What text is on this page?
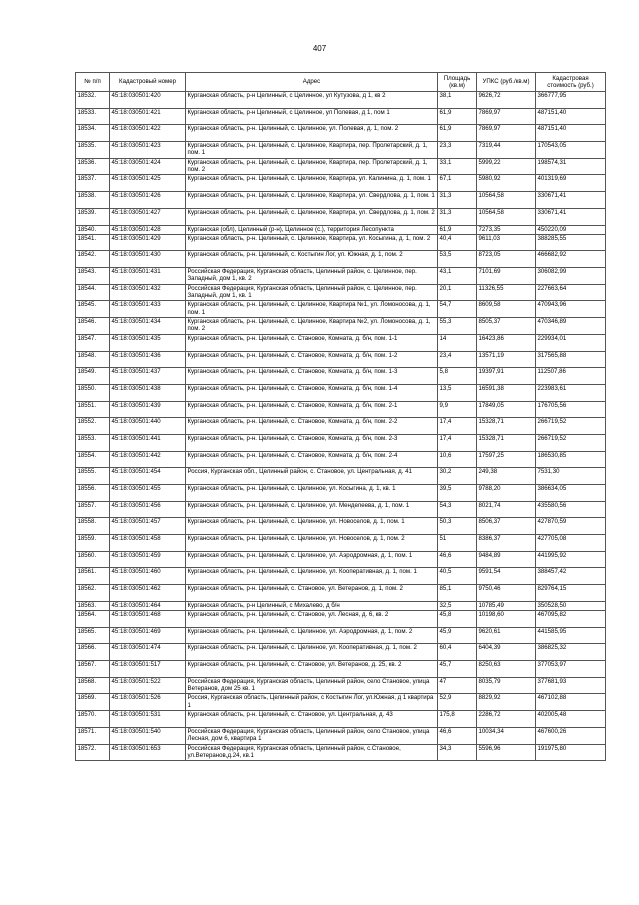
407
№ п/п	Кадастровый номер	Адрес	Площадь (кв.м)	УПКС (руб./кв.м)	Кадастровая стоимость (руб.)
18532.	45:18:030501:420	Курганская область, р-н Целинный, с Целинное, ул Кутузова, д 1, кв 2	38,1	9626,72	366777,95
18533.	45:18:030501:421	Курганская область, р-н Целинный, с Целинное, ул Полевая, д 1, пом 1	61,9	7869,97	487151,40
18534.	45:18:030501:422	Курганская область, р-н. Целинный, с. Целинное, ул. Полевая, д. 1, пом. 2	61,9	7869,97	487151,40
18535.	45:18:030501:423	Курганская область, р-н. Целинный, с. Целинное, Квартира, пер. Пролетарский, д. 1, пом. 1	23,3	7319,44	170543,05
18536.	45:18:030501:424	Курганская область, р-н. Целинный, с. Целинное, Квартира, пер. Пролетарский, д. 1, пом. 2	33,1	5999,22	198574,31
18537.	45:18:030501:425	Курганская область, р-н. Целинный, с. Целинное, Квартира, ул. Калинина, д. 1, пом. 1	67,1	5980,92	401319,69
18538.	45:18:030501:426	Курганская область, р-н. Целинный, с. Целинное, Квартира, ул. Свердлова, д. 1, пом. 1	31,3	10564,58	330671,41
18539.	45:18:030501:427	Курганская область, р-н. Целинный, с. Целинное, Квартира, ул. Свердлова, д. 1, пом. 2	31,3	10564,58	330671,41
18540.	45:18:030501:428	Курганская (обл), Целинный (р-н), Целинное (с.), территория Лесопункта	61,9	7273,35	450220,09
18541.	45:18:030501:429	Курганская область, р-н. Целинный, с. Целинное, Квартира, ул. Косыгина, д. 1, пом. 2	40,4	9611,03	388285,55
18542.	45:18:030501:430	Курганская область, р-н. Целинный, с. Костыгин Лог, ул. Южная, д. 1, пом. 2	53,5	8723,05	466682,92
18543.	45:18:030501:431	Российская Федерация, Курганская область, Целинный район, с. Целинное, пер. Западный, дом 1, кв. 2	43,1	7101,69	306082,99
18544.	45:18:030501:432	Российская Федерация, Курганская область, Целинный район, с. Целинное, пер. Западный, дом 1, кв. 1	20,1	11326,55	227663,64
18545.	45:18:030501:433	Курганская область, р-н. Целинный, с. Целинное, Квартира №1, ул. Ломоносова, д. 1, пом. 1	54,7	8609,58	470943,96
18546.	45:18:030501:434	Курганская область, р-н. Целинный, с. Целинное, Квартира №2, ул. Ломоносова, д. 1, пом. 2	55,3	8505,37	470346,89
18547.	45:18:030501:435	Курганская область, р-н. Целинный, с. Становое, Комната, д. б/н, пом. 1-1	14	16423,86	229934,01
18548.	45:18:030501:436	Курганская область, р-н. Целинный, с. Становое, Комната, д. б/н, пом. 1-2	23,4	13571,19	317565,88
18549.	45:18:030501:437	Курганская область, р-н. Целинный, с. Становое, Комната, д. б/н, пом. 1-3	5,8	19397,91	112507,86
18550.	45:18:030501:438	Курганская область, р-н. Целинный, с. Становое, Комната, д. б/н, пом. 1-4	13,5	16591,38	223983,61
18551.	45:18:030501:439	Курганская область, р-н. Целинный, с. Становое, Комната, д. б/н, пом. 2-1	9,9	17849,05	176705,56
18552.	45:18:030501:440	Курганская область, р-н. Целинный, с. Становое, Комната, д. б/н, пом. 2-2	17,4	15328,71	266719,52
18553.	45:18:030501:441	Курганская область, р-н. Целинный, с. Становое, Комната, д. б/н, пом. 2-3	17,4	15328,71	266719,52
18554.	45:18:030501:442	Курганская область, р-н. Целинный, с. Становое, Комната, д. б/н, пом. 2-4	10,6	17597,25	186530,85
18555.	45:18:030501:454	Россия, Курганская обл., Целинный район, с. Становое, ул. Центральная, д. 41	30,2	249,38	7531,30
18556.	45:18:030501:455	Курганская область, р-н. Целинный, с. Целинное, ул. Косыгина, д. 1, кв. 1	39,5	9788,20	386634,05
18557.	45:18:030501:456	Курганская область, р-н. Целинный, с. Целинное, ул. Менделеева, д. 1, пом. 1	54,3	8021,74	435580,56
18558.	45:18:030501:457	Курганская область, р-н. Целинный, с. Целинное, ул. Новоселов, д. 1, пом. 1	50,3	8506,37	427870,59
18559.	45:18:030501:458	Курганская область, р-н. Целинный, с. Целинное, ул. Новоселов, д. 1, пом. 2	51	8386,37	427705,08
18560.	45:18:030501:459	Курганская область, р-н. Целинный, с. Целинное, ул. Аэродромная, д. 1, пом. 1	46,6	9484,89	441995,92
18561.	45:18:030501:460	Курганская область, р-н. Целинный, с. Целинное, ул. Кооперативная, д. 1, пом. 1	40,5	9591,54	388457,42
18562.	45:18:030501:462	Курганская область, р-н. Целинный, с. Становое, ул. Ветеранов, д. 1, пом. 2	85,1	9750,46	829764,15
18563.	45:18:030501:464	Курганская область, р-н Целинный, с Михалево, д б/н	32,5	10785,49	350528,50
18564.	45:18:030501:468	Курганская область, р-н. Целинный, с. Становое, ул. Лесная, д. 6, кв. 2	45,8	10198,60	467095,82
18565.	45:18:030501:469	Курганская область, р-н. Целинный, с. Целинное, ул. Аэродромная, д. 1, пом. 2	45,9	9620,61	441585,95
18566.	45:18:030501:474	Курганская область, р-н. Целинный, с. Целинное, ул. Кооперативная, д. 1, пом. 2	60,4	6404,39	386825,32
18567.	45:18:030501:517	Курганская область, р-н. Целинный, с. Становое, ул. Ветеранов, д. 25, кв. 2	45,7	8250,63	377053,97
18568.	45:18:030501:522	Российская Федерация, Курганская область, Целинный район, село Становое, улица Ветеранов, дом 25 кв. 1	47	8035,79	377681,93
18569.	45:18:030501:526	Россия, Курганская область, Целинный район, с Костыгин Лог, ул.Южная, д 1 квартира 1	52,9	8829,92	467102,88
18570.	45:18:030501:531	Курганская область, р-н. Целинный, с. Становое, ул. Центральная, д. 43	175,8	2286,72	402005,48
18571.	45:18:030501:540	Российская Федерация, Курганская область, Целинный район, село Становое, улица Лесная, дом 6, квартира 1	46,6	10034,34	467600,26
18572.	45:18:030501:653	Российская Федерация, Курганская область, Целинный район, с.Становое, ул.Ветеранов,д.24, кв.1	34,3	5596,96	191975,80
